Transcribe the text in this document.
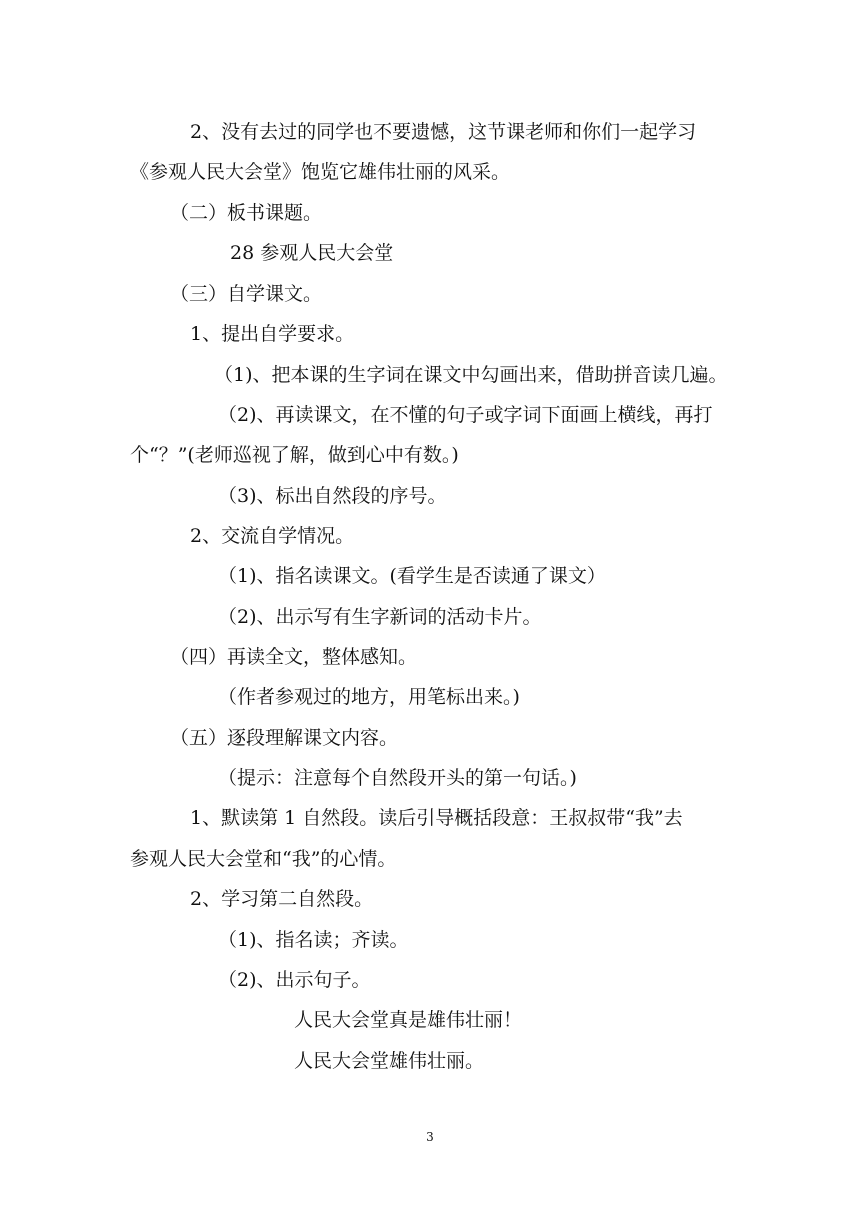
2、没有去过的同学也不要遗憾，这节课老师和你们一起学习

《参观人民大会堂》饱览它雄伟壮丽的风采。

（二）板书课题。

28 参观人民大会堂

（三）自学课文。

1、提出自学要求。

（1)、把本课的生字词在课文中勾画出来，借助拼音读几遍。

（2)、再读课文，在不懂的句子或字词下面画上横线，再打

个“？”(老师巡视了解，做到心中有数。)

（3)、标出自然段的序号。

2、交流自学情况。

（1)、指名读课文。(看学生是否读通了课文）

（2)、出示写有生字新词的活动卡片。

（四）再读全文，整体感知。

（作者参观过的地方，用笔标出来。)

（五）逐段理解课文内容。

（提示：注意每个自然段开头的第一句话。)

1、默读第 1 自然段。读后引导概括段意：王叔叔带“我”去

参观人民大会堂和“我”的心情。

2、学习第二自然段。

（1)、指名读；齐读。

（2)、出示句子。

人民大会堂真是雄伟壮丽！

人民大会堂雄伟壮丽。

3
